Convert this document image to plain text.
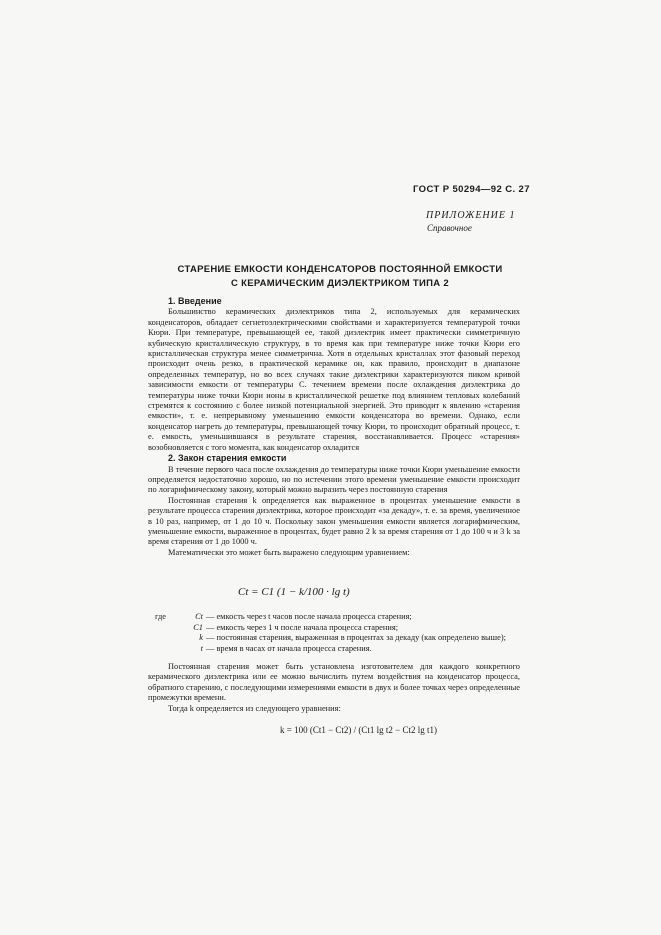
ГОСТ Р 50294—92 С. 27
ПРИЛОЖЕНИЕ 1
Справочное
СТАРЕНИЕ ЕМКОСТИ КОНДЕНСАТОРОВ ПОСТОЯННОЙ ЕМКОСТИ
С КЕРАМИЧЕСКИМ ДИЭЛЕКТРИКОМ ТИПА 2

1. Введение

Большинство керамических диэлектриков типа 2, используемых для керамических конденсаторов, обладает сегнетоэлектрическими свойствами и характеризуется температурой точки Кюри. При температуре, превышающей ее, такой диэлектрик имеет практически симметричную кубическую кристаллическую структуру, в то время как при температуре ниже точки Кюри его кристаллическая структура менее симметрична. Хотя в отдельных кристаллах этот фазовый переход происходит очень резко, в практической керамике он, как правило, происходит в диапазоне определенных температур, но во всех случаях такие диэлектрики характеризуются пиком кривой зависимости емкости от температуры С. течением времени после охлаждения диэлектрика до температуры ниже точки Кюри ионы в кристаллической решетке под влиянием тепловых колебаний стремятся к состоянию с более низкой потенциальной энергией. Это приводит к явлению «старения емкости», т. е. непрерывному уменьшению емкости конденсатора во времени. Однако, если конденсатор нагреть до температуры, превышающей точку Кюри, то происходит обратный процесс, т. е. емкость, уменьшившаяся в результате старения, восстанавливается. Процесс «старения» возобновляется с того момента, как конденсатор охладится

2. Закон старения емкости

В течение первого часа после охлаждения до температуры ниже точки Кюри уменьшение емкости определяется недостаточно хорошо, но по истечении этого времени уменьшение емкости происходит по логарифмическому закону, который можно выразить через постоянную старения

Постоянная старения k определяется как выраженное в процентах уменьшение емкости в результате процесса старения диэлектрика, которое происходит «за декаду», т. е. за время, увеличенное в 10 раз, например, от 1 до 10 ч. Поскольку закон уменьшения емкости является логарифмическим, уменьшение емкости, выраженное в процентах, будет равно 2 k за время старения от 1 до 100 ч и 3 k за время старения от 1 до 1000 ч.

Математически это может быть выражено следующим уравнением:

Ct = C1 (1 − k/100 · lg t)
где	Ct — емкость через t часов после начала процесса старения;
C1 — емкость через 1 ч после начала процесса старения;
k — постоянная старения, выраженная в процентах за декаду (как определено выше);
t — время в часах от начала процесса старения.

Постоянная старения может быть установлена изготовителем для каждого конкретного керамического диэлектрика или ее можно вычислить путем воздействия на конденсатор процесса, обратного старению, с последующими измерениями емкости в двух и более точках через определенные промежутки времени.

Тогда k определяется из следующего уравнения:

k = 100 (Ct1 − Ct2) / (Ct1 lg t2 − Ct2 lg t1)
